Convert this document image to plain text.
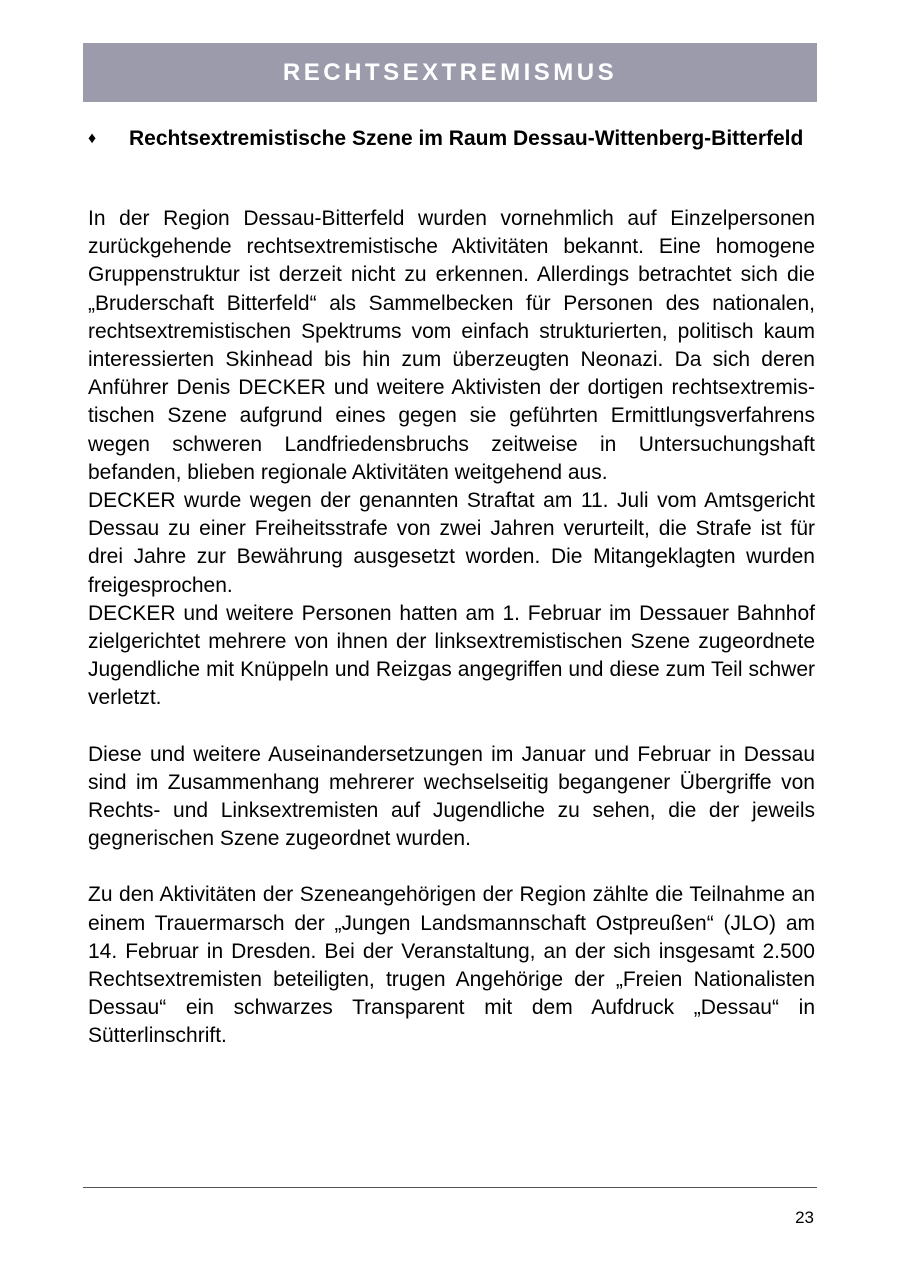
RECHTSEXTREMISMUS
♦	Rechtsextremistische Szene im Raum Dessau-Wittenberg-Bitterfeld

In der Region Dessau-Bitterfeld wurden vornehmlich auf Einzelpersonen zurückgehende rechtsextremistische Aktivitäten bekannt. Eine homogene Gruppenstruktur ist derzeit nicht zu erkennen. Allerdings betrachtet sich die „Bruderschaft Bitterfeld“ als Sammelbecken für Personen des nationalen, rechtsextremistischen Spektrums vom einfach strukturierten, politisch kaum interessierten Skinhead bis hin zum überzeugten Neonazi. Da sich deren Anführer Denis DECKER und weitere Aktivisten der dortigen rechtsextremistischen Szene aufgrund eines gegen sie geführten Ermittlungsverfahrens wegen schweren Landfriedensbruchs zeitweise in Untersuchungshaft befanden, blieben regionale Aktivitäten weitgehend aus.

DECKER wurde wegen der genannten Straftat am 11. Juli vom Amtsgericht Dessau zu einer Freiheitsstrafe von zwei Jahren verurteilt, die Strafe ist für drei Jahre zur Bewährung ausgesetzt worden. Die Mitangeklagten wurden freigesprochen.

DECKER und weitere Personen hatten am 1. Februar im Dessauer Bahnhof zielgerichtet mehrere von ihnen der linksextremistischen Szene zugeordnete Jugendliche mit Knüppeln und Reizgas angegriffen und diese zum Teil schwer verletzt.

Diese und weitere Auseinandersetzungen im Januar und Februar in Dessau sind im Zusammenhang mehrerer wechselseitig begangener Übergriffe von Rechts- und Linksextremisten auf Jugendliche zu sehen, die der jeweils gegnerischen Szene zugeordnet wurden.

Zu den Aktivitäten der Szeneangehörigen der Region zählte die Teilnahme an einem Trauermarsch der „Jungen Landsmannschaft Ostpreußen“ (JLO) am 14. Februar in Dresden. Bei der Veranstaltung, an der sich insgesamt 2.500 Rechtsextremisten beteiligten, trugen Angehörige der „Freien Nationalisten Dessau“ ein schwarzes Transparent mit dem Aufdruck „Dessau“ in Sütterlinschrift.

23
